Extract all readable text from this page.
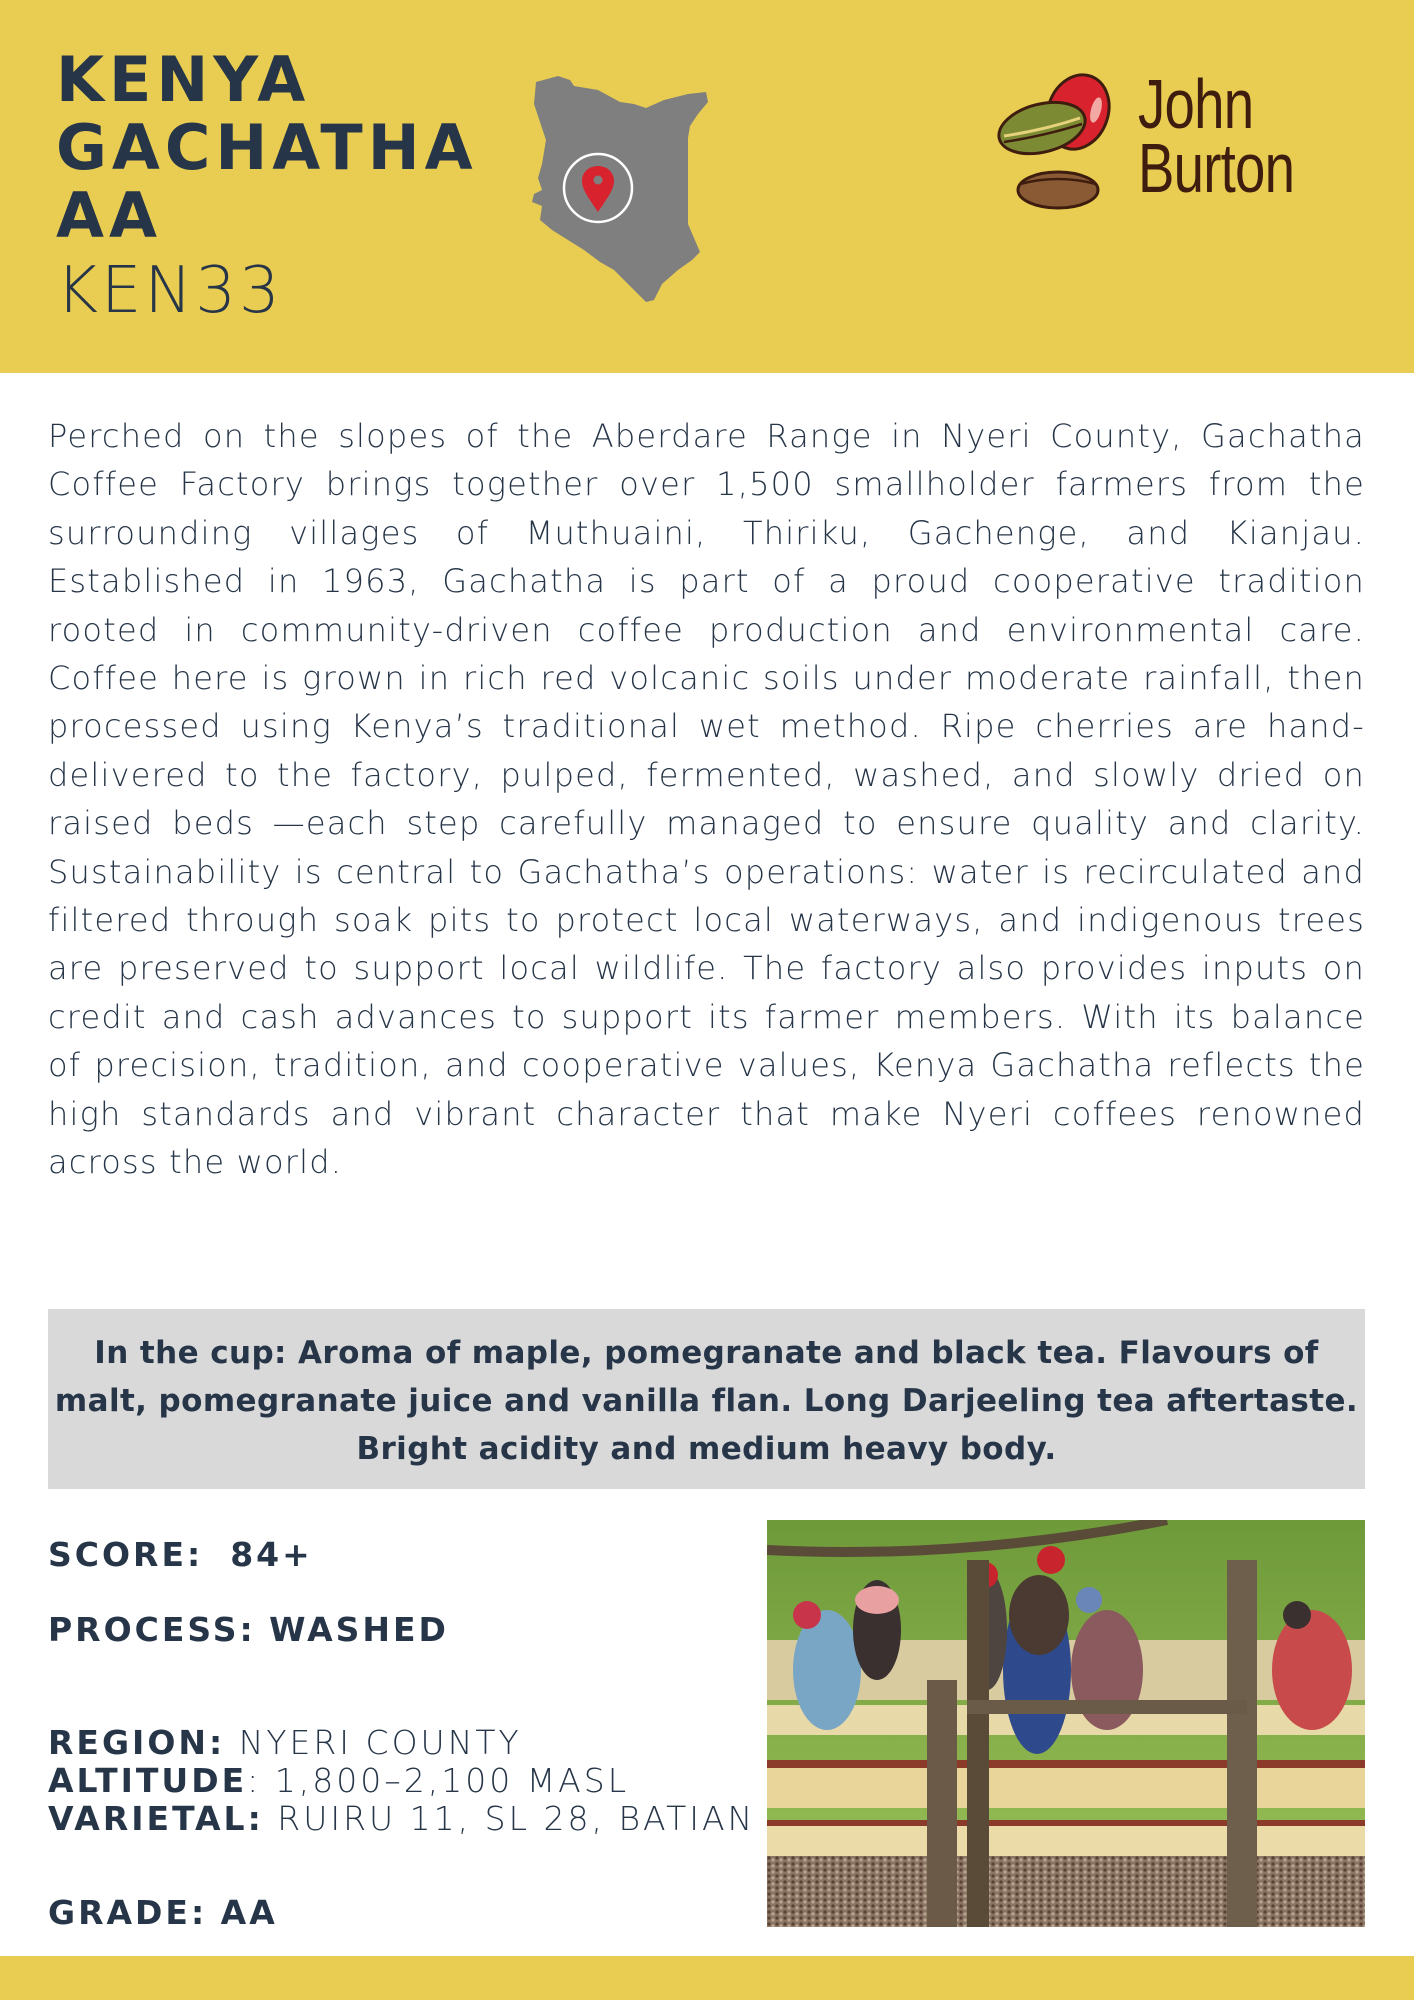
KENYA
GACHATHA
AA
KEN33
John
Burton

Perched on the slopes of the Aberdare Range in Nyeri County, Gachatha Coffee Factory brings together over 1,500 smallholder farmers from the surrounding villages of Muthuaini, Thiriku, Gachenge, and Kianjau. Established in 1963, Gachatha is part of a proud cooperative tradition rooted in community-driven coffee production and environmental care. Coffee here is grown in rich red volcanic soils under moderate rainfall, then processed using Kenya’s traditional wet method. Ripe cherries are hand-delivered to the factory, pulped, fermented, washed, and slowly dried on raised beds —each step carefully managed to ensure quality and clarity. Sustainability is central to Gachatha’s operations: water is recirculated and filtered through soak pits to protect local waterways, and indigenous trees are preserved to support local wildlife. The factory also provides inputs on credit and cash advances to support its farmer members. With its balance of precision, tradition, and cooperative values, Kenya Gachatha reflects the high standards and vibrant character that make Nyeri coffees renowned across the world.

In the cup: Aroma of maple, pomegranate and black tea. Flavours of malt, pomegranate juice and vanilla flan. Long Darjeeling tea aftertaste. Bright acidity and medium heavy body.

SCORE: 84+
PROCESS: WASHED
REGION: NYERI COUNTY
ALTITUDE: 1,800–2,100 MASL
VARIETAL: RUIRU 11, SL 28, BATIAN
GRADE: AA
